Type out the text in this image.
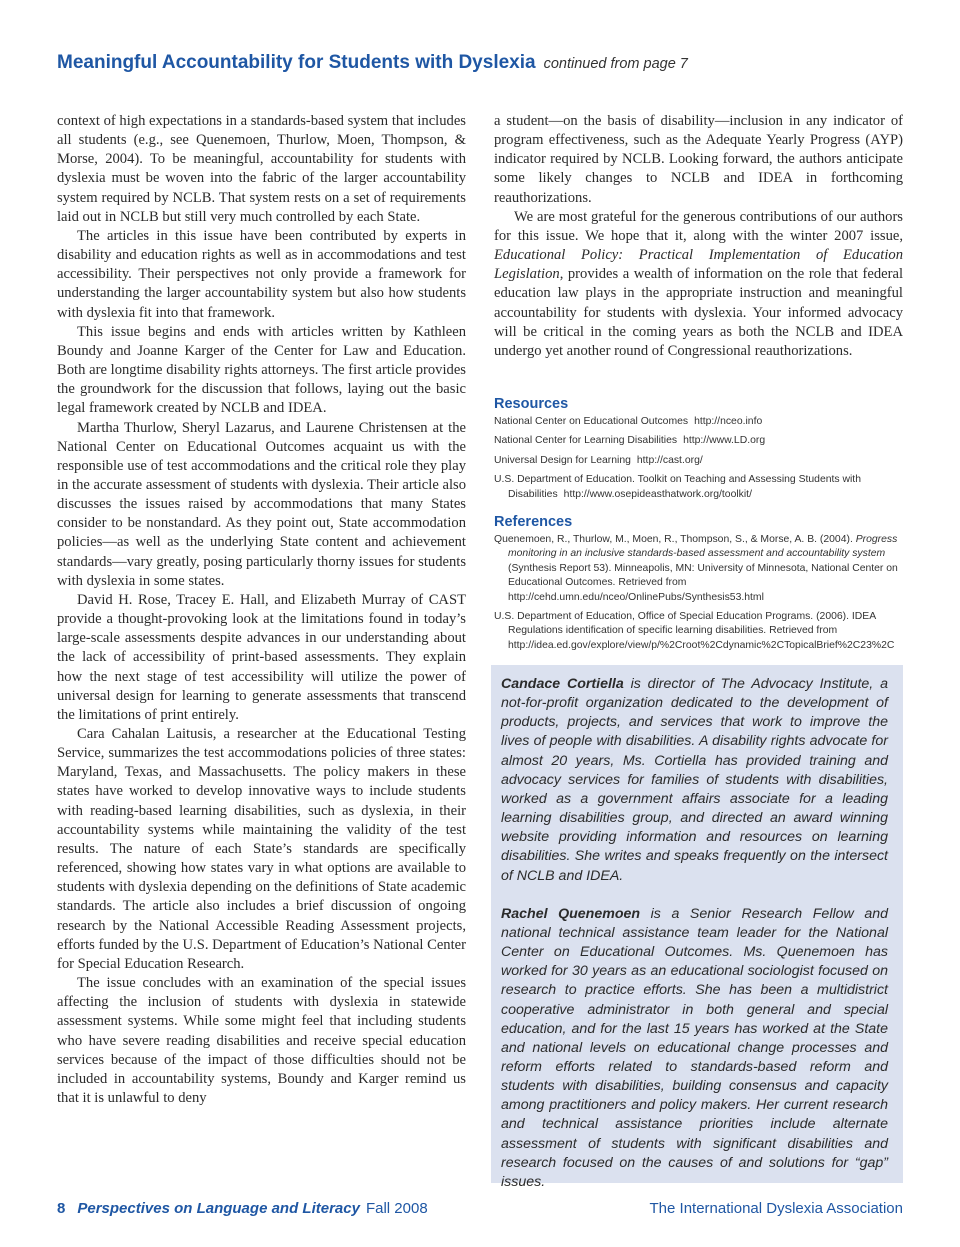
Meaningful Accountability for Students with Dyslexia continued from page 7

context of high expectations in a standards-based system that includes all students (e.g., see Quenemoen, Thurlow, Moen, Thompson, & Morse, 2004). To be meaningful, accountability for students with dyslexia must be woven into the fabric of the larger accountability system required by NCLB. That system rests on a set of requirements laid out in NCLB but still very much controlled by each State.

The articles in this issue have been contributed by experts in disability and education rights as well as in accommodations and test accessibility. Their perspectives not only provide a framework for understanding the larger accountability system but also how students with dyslexia fit into that framework.

This issue begins and ends with articles written by Kathleen Boundy and Joanne Karger of the Center for Law and Education. Both are longtime disability rights attorneys. The first article provides the groundwork for the discussion that follows, laying out the basic legal framework created by NCLB and IDEA.

Martha Thurlow, Sheryl Lazarus, and Laurene Christensen at the National Center on Educational Outcomes acquaint us with the responsible use of test accommodations and the critical role they play in the accurate assessment of students with dyslexia. Their article also discusses the issues raised by accommodations that many States consider to be nonstandard. As they point out, State accommodation policies—as well as the underlying State content and achievement standards—vary greatly, posing particularly thorny issues for students with dyslexia in some states.

David H. Rose, Tracey E. Hall, and Elizabeth Murray of CAST provide a thought-provoking look at the limitations found in today’s large-scale assessments despite advances in our understanding about the lack of accessibility of print-based assessments. They explain how the next stage of test accessibility will utilize the power of universal design for learning to generate assessments that transcend the limitations of print entirely.

Cara Cahalan Laitusis, a researcher at the Educational Testing Service, summarizes the test accommodations policies of three states: Maryland, Texas, and Massachusetts. The policy makers in these states have worked to develop innovative ways to include students with reading-based learning disabilities, such as dyslexia, in their accountability systems while maintaining the validity of the test results. The nature of each State’s standards are specifically referenced, showing how states vary in what options are available to students with dyslexia depending on the definitions of State academic standards. The article also includes a brief discussion of ongoing research by the National Accessible Reading Assessment projects, efforts funded by the U.S. Department of Education’s National Center for Special Education Research.

The issue concludes with an examination of the special issues affecting the inclusion of students with dyslexia in statewide assessment systems. While some might feel that including students who have severe reading disabilities and receive special education services because of the impact of those difficulties should not be included in accountability systems, Boundy and Karger remind us that it is unlawful to deny

a student—on the basis of disability—inclusion in any indicator of program effectiveness, such as the Adequate Yearly Progress (AYP) indicator required by NCLB. Looking forward, the authors anticipate some likely changes to NCLB and IDEA in forthcoming reauthorizations.

We are most grateful for the generous contributions of our authors for this issue. We hope that it, along with the winter 2007 issue, Educational Policy: Practical Implementation of Education Legislation, provides a wealth of information on the role that federal education law plays in the appropriate instruction and meaningful accountability for students with dyslexia. Your informed advocacy will be critical in the coming years as both the NCLB and IDEA undergo yet another round of Congressional reauthorizations.

Resources
National Center on Educational Outcomes http://nceo.info
National Center for Learning Disabilities http://www.LD.org
Universal Design for Learning http://cast.org/
U.S. Department of Education. Toolkit on Teaching and Assessing Students with Disabilities http://www.osepideasthatwork.org/toolkit/
References
Quenemoen, R., Thurlow, M., Moen, R., Thompson, S., & Morse, A. B. (2004). Progress monitoring in an inclusive standards-based assessment and accountability system (Synthesis Report 53). Minneapolis, MN: University of Minnesota, National Center on Educational Outcomes. Retrieved from http://cehd.umn.edu/nceo/OnlinePubs/Synthesis53.html
U.S. Department of Education, Office of Special Education Programs. (2006). IDEA Regulations identification of specific learning disabilities. Retrieved from http://idea.ed.gov/explore/view/p/%2Croot%2Cdynamic%2CTopicalBrief%2C23%2C

Candace Cortiella is director of The Advocacy Institute, a not-for-profit organization dedicated to the development of products, projects, and services that work to improve the lives of people with disabilities. A disability rights advocate for almost 20 years, Ms. Cortiella has provided training and advocacy services for families of students with disabilities, worked as a government affairs associate for a leading learning disabilities group, and directed an award winning website providing information and resources on learning disabilities. She writes and speaks frequently on the intersect of NCLB and IDEA.

Rachel Quenemoen is a Senior Research Fellow and national technical assistance team leader for the National Center on Educational Outcomes. Ms. Quenemoen has worked for 30 years as an educational sociologist focused on research to practice efforts. She has been a multidistrict cooperative administrator in both general and special education, and for the last 15 years has worked at the State and national levels on educational change processes and reform efforts related to standards-based reform and students with disabilities, building consensus and capacity among practitioners and policy makers. Her current research and technical assistance priorities include alternate assessment of students with significant disabilities and research focused on the causes of and solutions for “gap” issues.

8 Perspectives on Language and Literacy Fall 2008	The International Dyslexia Association
